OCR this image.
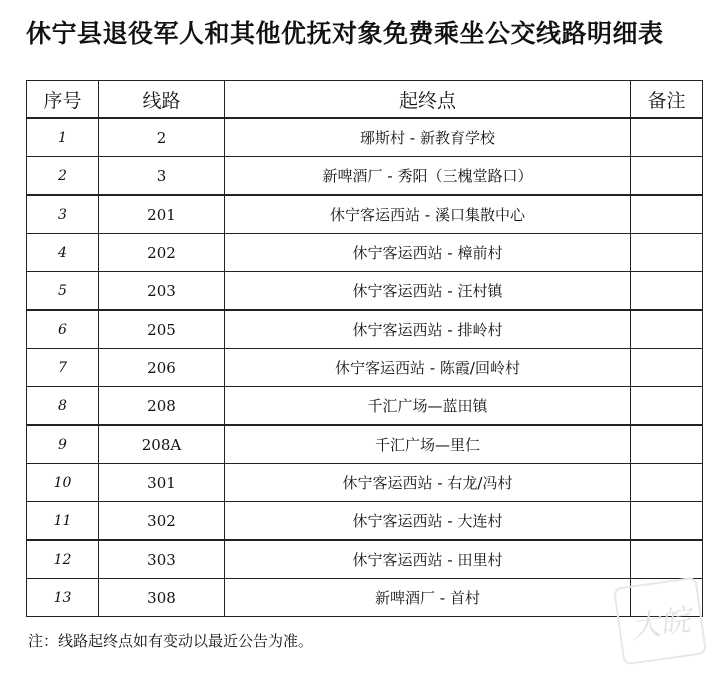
休宁县退役军人和其他优抚对象免费乘坐公交线路明细表
序号	线路	起终点	备注
1	2	琊斯村 - 新教育学校	
2	3	新啤酒厂 - 秀阳（三槐堂路口）	
3	201	休宁客运西站 - 溪口集散中心	
4	202	休宁客运西站 - 樟前村	
5	203	休宁客运西站 - 汪村镇	
6	205	休宁客运西站 - 排岭村	
7	206	休宁客运西站 - 陈霞/回岭村	
8	208	千汇广场—蓝田镇	
9	208A	千汇广场—里仁	
10	301	休宁客运西站 - 右龙/冯村	
11	302	休宁客运西站 - 大连村	
12	303	休宁客运西站 - 田里村	
13	308	新啤酒厂 - 首村	
注：线路起终点如有变动以最近公告为准。	大皖
